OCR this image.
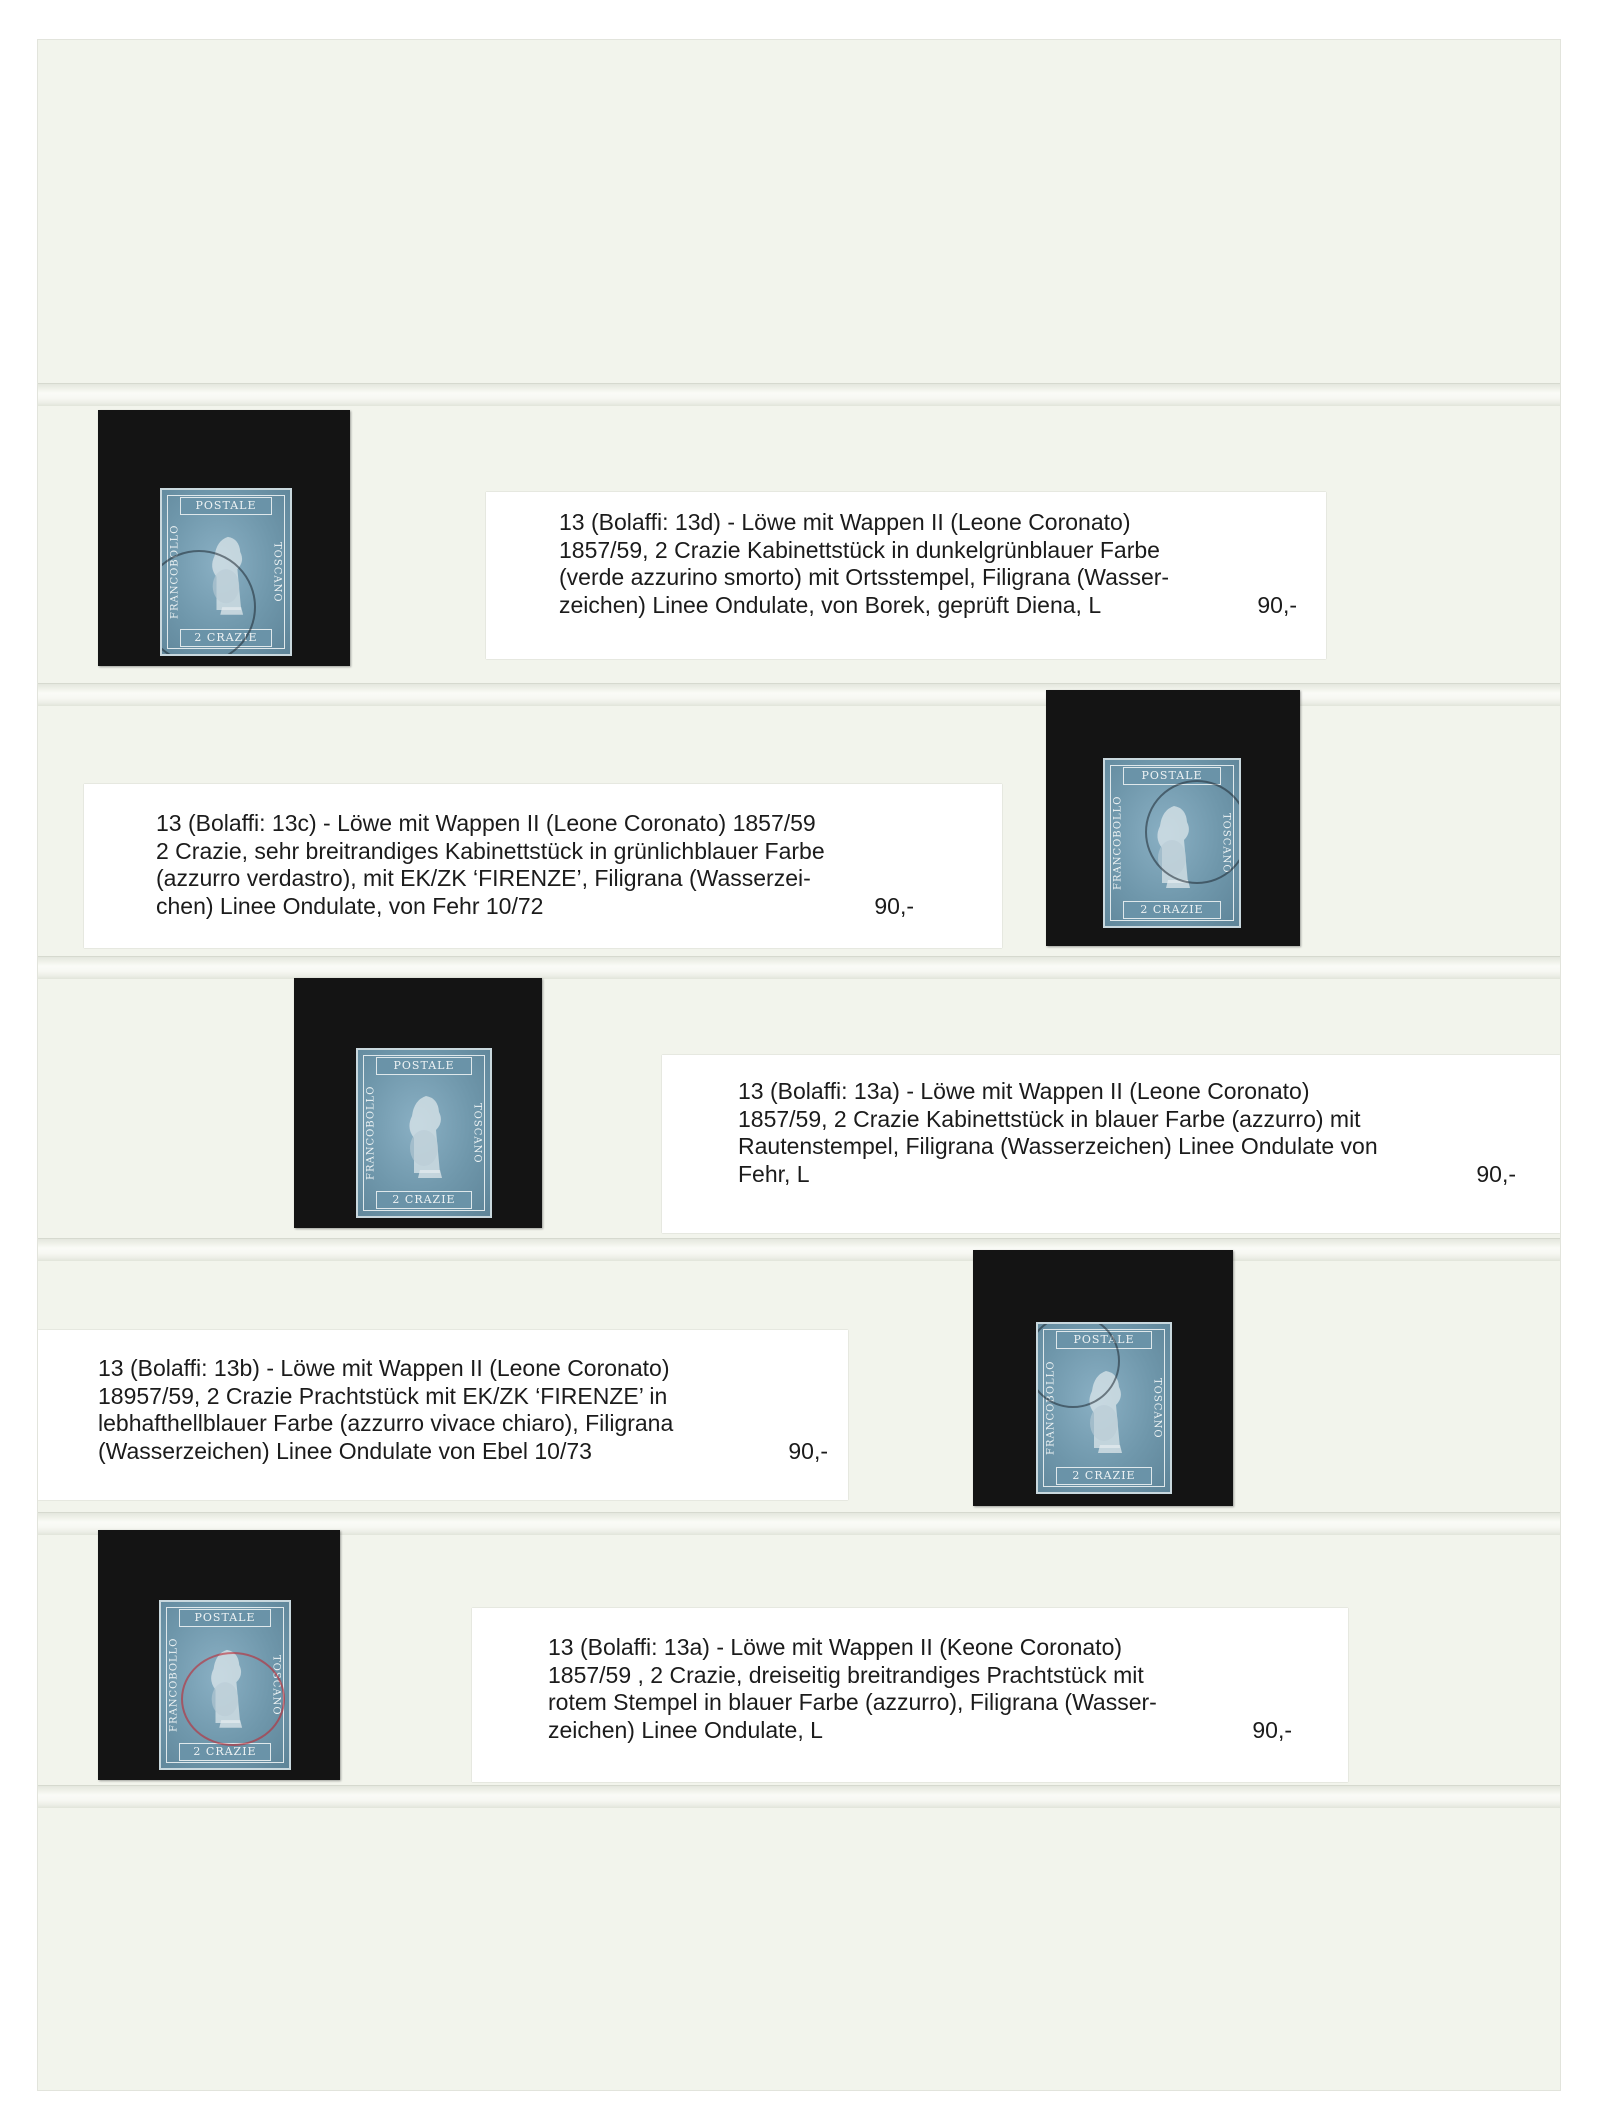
POSTALE
2 CRAZIE
FRANCOBOLLO	TOSCANO
13 (Bolaffi: 13d) - Löwe mit Wappen II (Leone Coronato)
1857/59, 2 Crazie Kabinettstück in dunkelgrünblauer Farbe
(verde azzurino smorto) mit Ortsstempel, Filigrana (Wasser-
zeichen) Linee Ondulate, von Borek, geprüft Diena, L	90,-
POSTALE
2 CRAZIE
FRANCOBOLLO	TOSCANO
13 (Bolaffi: 13c) - Löwe mit Wappen II (Leone Coronato) 1857/59
2 Crazie, sehr breitrandiges Kabinettstück in grünlichblauer Farbe
(azzurro verdastro), mit EK/ZK ‘FIRENZE’, Filigrana (Wasserzei-
chen) Linee Ondulate, von Fehr 10/72	90,-
POSTALE
2 CRAZIE
FRANCOBOLLO	TOSCANO
13 (Bolaffi: 13a) - Löwe mit Wappen II (Leone Coronato)
1857/59, 2 Crazie Kabinettstück in blauer Farbe (azzurro) mit
Rautenstempel, Filigrana (Wasserzeichen) Linee Ondulate von
Fehr, L	90,-
POSTALE
2 CRAZIE
FRANCOBOLLO	TOSCANO
13 (Bolaffi: 13b) - Löwe mit Wappen II (Leone Coronato)
18957/59, 2 Crazie Prachtstück mit EK/ZK ‘FIRENZE’ in
lebhafthellblauer Farbe (azzurro vivace chiaro), Filigrana
(Wasserzeichen) Linee Ondulate von Ebel 10/73	90,-
POSTALE
2 CRAZIE
FRANCOBOLLO	TOSCANO
13 (Bolaffi: 13a) - Löwe mit Wappen II (Keone Coronato)
1857/59 , 2 Crazie, dreiseitig breitrandiges Prachtstück mit
rotem Stempel in blauer Farbe (azzurro), Filigrana (Wasser-
zeichen) Linee Ondulate, L	90,-
